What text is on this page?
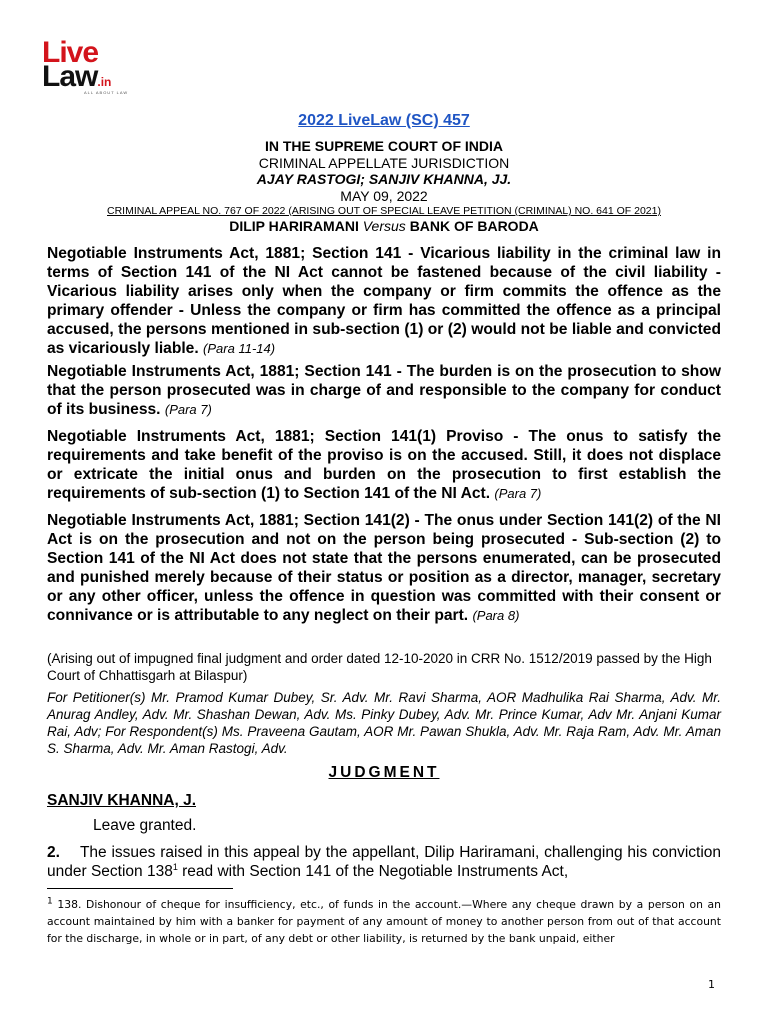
Live
Law.in
ALL ABOUT LAW
2022 LiveLaw (SC) 457
IN THE SUPREME COURT OF INDIA
CRIMINAL APPELLATE JURISDICTION
AJAY RASTOGI; SANJIV KHANNA, JJ.
MAY 09, 2022
CRIMINAL APPEAL NO. 767 OF 2022 (ARISING OUT OF SPECIAL LEAVE PETITION (CRIMINAL) NO. 641 OF 2021)
DILIP HARIRAMANI Versus BANK OF BARODA

Negotiable Instruments Act, 1881; Section 141 - Vicarious liability in the criminal law in terms of Section 141 of the NI Act cannot be fastened because of the civil liability - Vicarious liability arises only when the company or firm commits the offence as the primary offender - Unless the company or firm has committed the offence as a principal accused, the persons mentioned in sub-section (1) or (2) would not be liable and convicted as vicariously liable. (Para 11-14)

Negotiable Instruments Act, 1881; Section 141 - The burden is on the prosecution to show that the person prosecuted was in charge of and responsible to the company for conduct of its business. (Para 7)

Negotiable Instruments Act, 1881; Section 141(1) Proviso - The onus to satisfy the requirements and take benefit of the proviso is on the accused. Still, it does not displace or extricate the initial onus and burden on the prosecution to first establish the requirements of sub-section (1) to Section 141 of the NI Act. (Para 7)

Negotiable Instruments Act, 1881; Section 141(2) - The onus under Section 141(2) of the NI Act is on the prosecution and not on the person being prosecuted - Sub-section (2) to Section 141 of the NI Act does not state that the persons enumerated, can be prosecuted and punished merely because of their status or position as a director, manager, secretary or any other officer, unless the offence in question was committed with their consent or connivance or is attributable to any neglect on their part. (Para 8)

(Arising out of impugned final judgment and order dated 12-10-2020 in CRR No. 1512/2019 passed by the High Court of Chhattisgarh at Bilaspur)

For Petitioner(s) Mr. Pramod Kumar Dubey, Sr. Adv. Mr. Ravi Sharma, AOR Madhulika Rai Sharma, Adv. Mr. Anurag Andley, Adv. Mr. Shashan Dewan, Adv. Ms. Pinky Dubey, Adv. Mr. Prince Kumar, Adv Mr. Anjani Kumar Rai, Adv; For Respondent(s) Ms. Praveena Gautam, AOR Mr. Pawan Shukla, Adv. Mr. Raja Ram, Adv. Mr. Aman S. Sharma, Adv. Mr. Aman Rastogi, Adv.

JUDGMENT
SANJIV KHANNA, J.
Leave granted.

2. The issues raised in this appeal by the appellant, Dilip Hariramani, challenging his conviction under Section $138^1$ read with Section 141 of the Negotiable Instruments Act,

$^1$ 138. Dishonour of cheque for insufficiency, etc., of funds in the account.—Where any cheque drawn by a person on an account maintained by him with a banker for payment of any amount of money to another person from out of that account for the discharge, in whole or in part, of any debt or other liability, is returned by the bank unpaid, either

1
